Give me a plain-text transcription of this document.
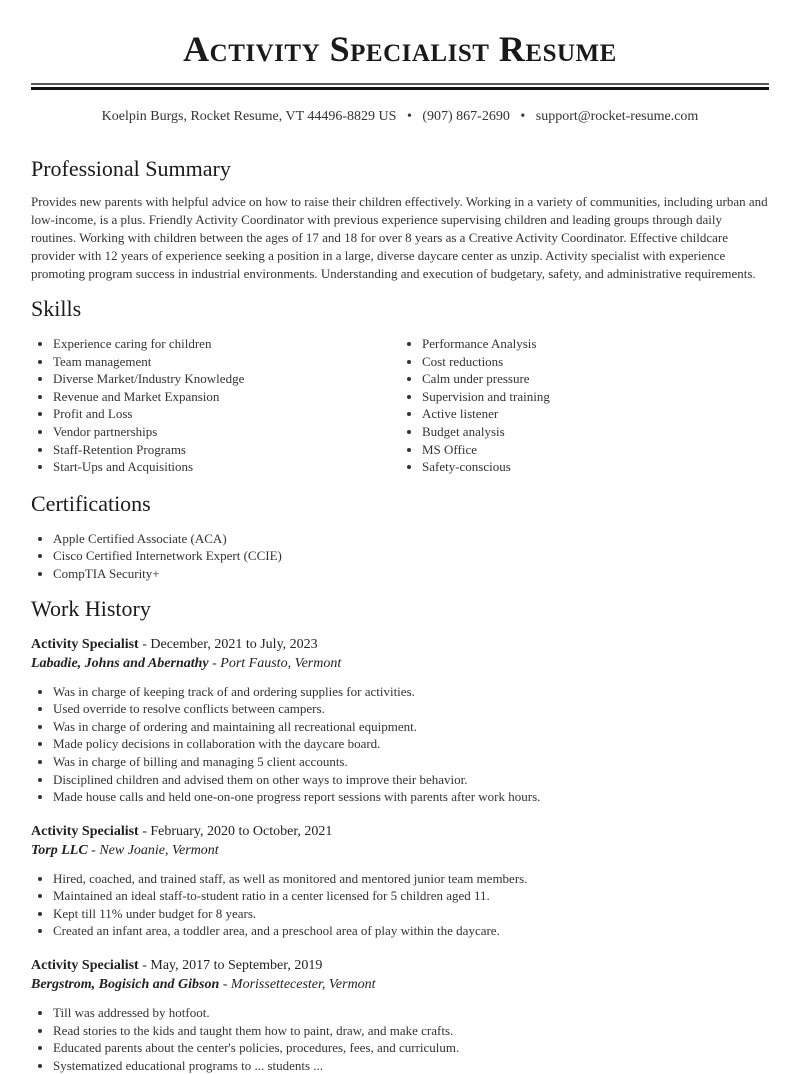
Activity Specialist Resume
Koelpin Burgs, Rocket Resume, VT 44496-8829 US • (907) 867-2690 • support@rocket-resume.com
Professional Summary

Provides new parents with helpful advice on how to raise their children effectively. Working in a variety of communities, including urban and low-income, is a plus. Friendly Activity Coordinator with previous experience supervising children and leading groups through daily routines. Working with children between the ages of 17 and 18 for over 8 years as a Creative Activity Coordinator. Effective childcare provider with 12 years of experience seeking a position in a large, diverse daycare center as unzip. Activity specialist with experience promoting program success in industrial environments. Understanding and execution of budgetary, safety, and administrative requirements.

Skills
• Experience caring for children
• Team management
• Diverse Market/Industry Knowledge
• Revenue and Market Expansion
• Profit and Loss
• Vendor partnerships
• Staff-Retention Programs
• Start-Ups and Acquisitions
• Performance Analysis
• Cost reductions
• Calm under pressure
• Supervision and training
• Active listener
• Budget analysis
• MS Office
• Safety-conscious
Certifications
• Apple Certified Associate (ACA)
• Cisco Certified Internetwork Expert (CCIE)
• CompTIA Security+
Work History
Activity Specialist - December, 2021 to July, 2023
Labadie, Johns and Abernathy - Port Fausto, Vermont
• Was in charge of keeping track of and ordering supplies for activities.
• Used override to resolve conflicts between campers.
• Was in charge of ordering and maintaining all recreational equipment.
• Made policy decisions in collaboration with the daycare board.
• Was in charge of billing and managing 5 client accounts.
• Disciplined children and advised them on other ways to improve their behavior.
• Made house calls and held one-on-one progress report sessions with parents after work hours.
Activity Specialist - February, 2020 to October, 2021
Torp LLC - New Joanie, Vermont
• Hired, coached, and trained staff, as well as monitored and mentored junior team members.
• Maintained an ideal staff-to-student ratio in a center licensed for 5 children aged 11.
• Kept till 11% under budget for 8 years.
• Created an infant area, a toddler area, and a preschool area of play within the daycare.
Activity Specialist - May, 2017 to September, 2019
Bergstrom, Bogisich and Gibson - Morissettecester, Vermont
• Till was addressed by hotfoot.
• Read stories to the kids and taught them how to paint, draw, and make crafts.
• Educated parents about the center's policies, procedures, fees, and curriculum.
• Systematized educational programs to ... students ...
